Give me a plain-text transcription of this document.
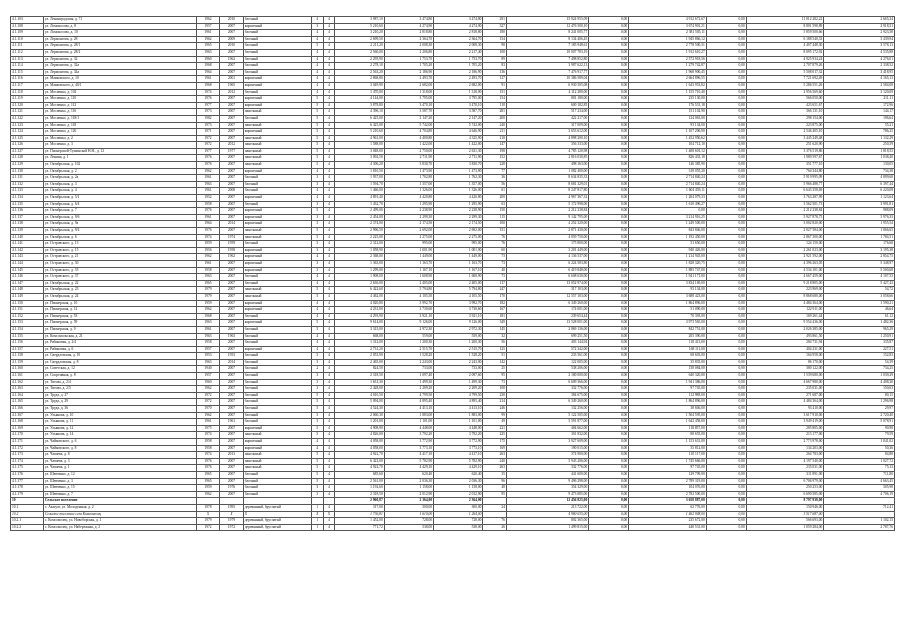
4.1.103	ул. Ленинградская, д. 71	1962	2010	блочный	4	4	3 987,10	3 474,80	3 474,80	291	15 924 955,09	0,00	4 912 672,67	0,00	11 012 282,22	2 665,34
4.1.108	ул. Ломоносова, д. 8	1957	2007	кирпичный	3	4	5 210,60	4 274,90	4 274,90	327	12 476 500,10	0,00	3 674 901,21	0,00	8 801 598,89	2 918,51
4.1.109	ул. Ломоносова, д. 10	1961	2007	блочный	4	4	3 210,20	2 818,80	2 818,80	180	8 241 005,77	0,00	2 381 505,11	0,00	5 859 500,66	2 923,58
4.1.110	ул. Лермонтова, д. 28	1962	2009	блочный	4	4	2 699,50	2 364,70	2 364,70	154	8 134 406,45	0,00	1 945 866,12	0,00	6 188 540,33	3 439,94
4.1.111	ул. Лермонтова, д. 28/1	1965	2010	блочный	5	4	2 211,20	2 008,30	2 008,30	98	7 185 948,61	0,00	2 778 500,31	0,00	4 407 448,30	3 578,13
4.1.112	ул. Лермонтова, д. 28/2	1963	2007	блочный	4	4	2 560,00	2 206,80	2 217,40	108	10 007 783,19	0,00	1 912 610,27	0,00	8 095 172,92	4 535,88
4.1.113	ул. Лермонтова, д. 32	1960	1962	блочный	4	4	2 295,90	1 753,70	1 753,70	89	7 498 852,80	0,00	2 572 918,56	0,00	4 925 934,24	4 276,01
4.1.114	ул. Лермонтова, д. 32а	1968	2007	блочный	4	4	2 278,10	1 705,20	1 705,20	83	3 987 622,13	0,00	1 279 742,87	0,00	2 707 879,26	2 338,52
4.1.115	ул. Лермонтова, д. 34а	1964	2007	блочный	4	4	2 563,20	2 186,90	2 186,90	136	7 476 917,77	0,00	1 968 900,45	0,00	5 508 017,32	3 418,95
4.1.116	ул. Маяковского, д. 10	1961	2001	кирпичный	4	4	2 868,80	2 493,70	2 493,70	127	10 386 589,04	0,00	2 664 896,55	0,00	7 721 692,49	4 165,13
4.1.117	ул. Маяковского, д. 40/1	1968	1965	кирпичный	4	4	3 049,90	2 682,00	2 682,00	91	6 930 505,08	0,00	1 643 953,82	0,00	5 286 551,26	2 584,08
4.1.118	ул. Мосиенко, д. 102	1974	2012	блочный	4	4	1 470,00	1 318,00	1 318,00	151	4 112 280,00	0,00	1 155 710,40	0,00	2 956 569,60	3 120,09
4.1.119	ул. Мосиенко, д. 110	1976	2007	кирпичный	5	4	4 144,00	3 795,00	3 795,00	154	801 180,00	0,00	235 130,00	0,00	566 050,00	211,11
4.1.120	ул. Мосиенко, д. 112	1977	2007	кирпичный	5	4	3 878,80	3 470,10	3 470,10	110	600 182,85	0,00	176 531,18	0,00	423 651,67	172,96
4.1.121	ул. Мосиенко, д. 116	1973	2007	панельный	5	4	4 396,10	3 587,70	3 587,70	281	517 234,00	0,00	151 102,90	0,00	366 131,10	144,17
4.1.122	ул. Мосиенко, д. 118/1	1982	2007	блочный	5	4	6 425,00	2 147,20	2 147,20	200	422 217,00	0,00	124 063,00	0,00	298 154,00	196,64
4.1.123	ул. Мосиенко, д. 118	1973	2007	панельный	5	4	6 425,00	5 742,00	5 742,00	240	317 009,00	0,00	93 134,00	0,00	223 875,00	55,21
4.1.124	ул. Мосиенко, д. 126	1971	2007	кирпичный	5	4	5 210,60	4 704,80	4 646,90	211	3 653 612,00	0,00	1 107 206,90	0,00	2 546 405,10	786,25
4.1.125	ул. Мосиенко, д. 2	1972	2007	панельный	5	4	4 961,00	4 400,80	4 325,90	210	4 898 200,10	0,00	1 452 950,62	0,00	3 445 249,48	1 132,29
4.1.126	ул. Мосиенко, д. 3	1972	2012	панельный	5	4	1 588,00	1 422,00	1 422,00	147	356 333,00	0,00	104 712,10	0,00	251 620,90	250,59
4.1.127	ул. Пионерской-Тушинской Н.Н., д. 12	1977	1977	панельный	5	4	3 048,00	2 750,00	2 631,30	198	4 785 120,98	0,00	1 408 601,12	0,00	3 376 519,86	1 818,55
4.1.128	ул. Ленина, д. 1	1976	2007	панельный	5	4	3 092,50	2 711,90	2 711,90	152	2 816 030,85	0,00	826 433,18	0,00	1 989 597,67	1 038,40
4.1.129	ул. Октябрьская, д. 102	1976	2007	панельный	5	4	4 306,20	3 830,70	3 830,70	228	498 163,00	0,00	146 385,90	0,00	351 777,10	130,05
4.1.130	ул. Октябрьская, д. 2	1962	2007	кирпичный	4	4	1 810,50	1 473,90	1 473,90	77	1 082 400,00	0,00	318 055,20	0,00	764 344,80	734,38
4.1.131	ул. Октябрьская, д. 2а	1961	2007	блочный	3	4	1 937,00	1 702,80	1 762,30	36	8 634 835,33	0,00	2 714 840,24	0,00	5 919 995,09	4 899,68
4.1.132	ул. Октябрьская, д. 3	1963	2007	блочный	3	4	1 594,70	1 357,00	1 357,00	56	8 681 329,01	0,00	2 714 840,24	0,00	5 966 488,77	6 397,44
4.1.133	ул. Октябрьская, д. 4	1961	2008	блочный	4	4	1 466,00	1 326,00	1 326,00	61	8 247 817,80	0,00	1 604 459,11	0,00	6 643 358,69	6 220,08
4.1.134	ул. Октябрьская, д. 5/1	1952	2007	кирпичный	4	4	4 891,40	4 420,80	4 420,80	200	4 967 367,32	0,00	1 204 079,33	0,00	3 763 287,99	1 123,64
4.1.135	ул. Октябрьская, д. 6/4	1958	2007	блочный	3	4	1 432,70	1 295,90	1 295,90	63	5 172 998,00	0,00	1 610 496,27	0,00	3 562 501,73	3 991,81
4.1.136	ул. Октябрьская, д. 7	1976	2007	кирпичный	5	4	2 499,00	2 238,90	2 238,90	150	2 212 238,84	0,00	0,00	0,00	2 212 238,84	988,09
4.1.137	ул. Октябрьская, д. 9/6	1961	2007	кирпичный	3	4	2 454,00	2 299,30	2 299,30	115	9 142 795,00	0,00	3 214 916,25	0,00	5 927 878,75	3 976,33
4.1.138	ул. Октябрьская, д. 9а	1964	2014	кирпичный	3	4	2 374,00	2 174,50	2 174,50	100	4 252 320,00	0,00	1 249 500,00	0,00	3 002 820,00	1 955,54
4.1.139	ул. Октябрьская, д. 9/4	1976	2007	панельный	5	4	2 996,50	2 692,00	2 692,00	151	2 871 430,00	0,00	843 846,00	0,00	2 027 584,00	1 066,65
4.1.140	ул. Октябрьская, д. 6	1974	1974	панельный	5	4	2 225,00	2 275,00	2 275,00	76	4 059 750,00	0,00	1 192 450,00	0,00	2 867 300,00	1 784,51
4.1.141	ул. Островского, д. 13	1959	1959	блочный	3	4	2 312,00	995,00	995,00	76	175 800,00	0,00	51 650,00	0,00	124 150,00	176,68
4.1.142	ул. Островского, д. 15	1956	1958	кирпичный	3	4	1 058,90	1 001,90	1 001,90	60	3 201 449,00	0,00	940 426,00	0,00	2 261 023,00	3 195,38
4.1.143	ул. Островского, д. 21	1962	1962	кирпичный	4	4	2 368,00	1 449,00	1 449,00	73	4 136 537,00	0,00	1 214 945,00	0,00	2 921 592,00	2 854,75
4.1.144	ул. Островского, д. 30	1961	2007	кирпичный	3	4	1 363,00	1 163,70	1 163,70	73	6 224 583,80	0,00	1 828 320,75	0,00	4 396 263,05	5 348,97
4.1.145	ул. Островского, д. 35	1958	2007	кирпичный	3	4	1 299,00	1 167,10	1 167,10	40	6 419 848,00	0,00	1 885 747,00	0,00	4 534 101,00	5 500,68
4.1.146	ул. Островского, д. 37	1963	2007	блочный	4	4	1 908,00	1 608,90	1 608,90	73	6 608 630,00	0,00	1 941 171,00	0,00	4 667 459,00	4 107,53
4.1.147	ул. Октябрьская, д. 22	1965	2007	блочный	4	4	2 636,00	2 405,00	2 405,00	117	13 052 974,00	0,00	3 834 169,00	0,00	9 218 805,00	5 427,43
4.1.148	ул. Октябрьская, д. 23	1979	2007	панельный	5	4	6 422,60	5 794,80	5 794,80	247	317 103,00	0,00	93 134,00	0,00	223 969,00	54,72
4.1.149	ул. Октябрьская, д. 24	1979	2007	панельный	5	4	4 462,00	4 105,50	4 105,50	170	12 557 103,00	0,00	3 688 423,00	0,00	8 868 680,00	3 058,66
4.1.150	ул. Пионерская, д. 10	1959	2007	кирпичный	4	4	4 020,80	3 992,70	3 992,70	182	6 349 260,00	0,00	1 864 896,00	0,00	4 484 364,00	1 590,21
4.1.151	ул. Пионерская, д. 12	1962	2007	кирпичный	4	4	4 231,00	3 730,60	3 730,60	167	174 001,00	0,00	51 090,00	0,00	122 911,00	46,64
4.1.152	ул. Пионерская, д. 53	1968	2007	блочный	4	4	4 293,90	3 921,10	3 921,10	181	239 654,44	0,00	70 393,00	0,00	169 261,44	61,12
4.1.153	ул. Пионерская, д. 59	1963	2007	кирпичный	5	4	9 614,00	9 126,00	9 126,00	349	13 528 001,00	0,00	3 973 565,00	0,00	9 554 436,00	1 482,36
4.1.154	ул. Пионерская, д. 9	1961	2007	блочный	5	4	3 315,00	2 972,30	2 972,30	145	2 869 136,00	0,00	842 751,00	0,00	2 026 385,00	965,29
4.1.155	ул. Комсомольская, д. 21	1963	1963	блочный	4	4	668,00	559,00	559,00	32	699 251,50	0,00	205 390,00	0,00	493 861,50	1 250,91
4.1.156	ул. Рябиновая, д. 2/4	1958	2007	блочный	4	4	1 312,00	1 200,30	1 200,30	56	403 144,94	0,00	118 413,00	0,00	284 731,94	335,87
4.1.157	ул. Рябиновая, д. 6	1957	2007	кирпичный	4	4	2 731,20	2 515,70	2 515,70	125	572 342,00	0,00	168 111,00	0,00	404 231,00	227,51
4.1.158	ул. Свердловская, д. 10	1953	1953	блочный	3	4	2 053,90	1 528,20	1 528,20	51	233 561,00	0,00	68 603,00	0,00	164 958,00	152,83
4.1.159	ул. Свердловская, д. 8	1963	2014	блочный	3	4	2 465,00	2 243,00	2 243,00	142	122 005,00	0,00	35 835,00	0,00	86 170,00	54,39
4.1.160	ул. Советская, д. 12	1940	2007	блочный	2	4	824,50	733,00	733,00	25	538 206,00	0,00	158 084,00	0,00	380 122,00	734,25
4.1.161	ул. Спортивная, д. 8	1957	2007	блочный	3	4	2 318,50	1 097,40	2 097,60	95	2 180 000,00	0,00	640 320,00	0,00	1 539 680,00	1 039,29
4.1.162	ул. Титова, д. 2/4	1960	2007	блочный	3	4	1 631,30	1 499,30	1 499,30	73	6 609 366,00	0,00	1 941 386,00	0,00	4 667 980,00	4 408,30
4.1.163	ул. Титова, д. 2/5	1962	2007	блочный	3	4	2 428,00	2 209,20	2 209,20	108	332 776,00	0,00	97 745,00	0,00	235 031,00	150,63
4.1.164	ул. Труда, д. 27	1972	2007	блочный	5	4	4 010,50	4 799,50	4 799,50	230	384 675,00	0,00	112 988,00	0,00	271 687,00	80,15
4.1.165	ул. Труда, д. 29	1972	2007	блочный	5	4	5 094,00	4 895,40	4 895,40	214	6 349 260,00	0,00	1 864 896,00	0,00	4 484 364,00	1 296,98
4.1.166	ул. Труда, д. 36	1970	2007	блочный	5	4	4 524,30	4 413,10	4 413,10	246	132 256,00	0,00	38 846,00	0,00	93 410,00	29,97
4.1.167	ул. Ульянова, д. 10	1962	2007	блочный	3	4	2 060,30	1 883,00	1 883,00	99	5 122 505,00	0,00	1 504 595,00	0,00	3 617 910,00	2 720,40
4.1.168	ул. Ульянова, д. 11	1961	1961	блочный	3	4	1 201,00	1 101,00	1 101,00	49	5 591 877,00	0,00	1 642 458,00	0,00	3 949 419,00	5 078,91
4.1.169	ул. Ульянова, д. 12	1975	2007	кирпичный	5	4	4 908,90	4 448,00	4 448,00	221	404 662,00	0,00	118 857,00	0,00	285 805,00	90,98
4.1.170	ул. Ульянова, д. 14	1974	2007	панельный	5	4	4 826,00	3 792,20	3 792,20	225	301 832,00	0,00	88 655,00	0,00	213 177,00	79,59
4.1.171	ул. Чайковского, д. 6	1958	2007	кирпичный	4	4	4 058,00	3 772,90	3 772,90	175	3 927 609,00	0,00	1 153 631,00	0,00	2 773 978,00	1 041,02
4.1.172	ул. Чайковского, д. 8	1958	2007	кирпичный	4	4	4 058,00	3 773,10	3 773,10	169	190 015,00	0,00	55 812,00	0,00	134 203,00	50,36
4.1.173	ул. Чапаева, д. 8	1974	2013	панельный	5	4	4 922,70	4 417,10	4 417,10	263	374 900,00	0,00	110 117,00	0,00	264 783,00	84,88
4.1.174	ул. Чапаева, д. 3	1976	2007	панельный	5	4	6 422,00	5 782,90	5 782,90	240	5 943 206,00	0,00	1 745 666,00	0,00	4 197 540,00	1 027,72
4.1.175	ул. Чапаева, д. 1	1976	2007	панельный	5	4	4 922,70	4 429,10	4 429,10	263	332 776,00	0,00	97 745,00	0,00	235 031,00	75,13
4.1.176	ул. Шевченко, д. 12	1965	2007	блочный	5	4	685,60	620,40	620,40	35	441 600,00	0,00	129 709,00	0,00	311 891,00	711,80
4.1.177	ул. Шевченко, д. 3	1965	2007	блочный	5	4	2 561,00	2 036,30	2 036,30	96	9 496 298,00	0,00	2 789 319,00	0,00	6 706 979,00	4 663,45
4.1.178	ул. Шевченко, д. 15	1959	1976	блочный	3	4	1 192,60	1 158,00	1 158,00	48	354 329,00	0,00	104 076,00	0,00	250 253,00	305,98
4.1.179	ул. Шевченко, д. 7	1962	2007	блочный	3	4	2 318,50	2 012,90	2 012,90	95	9 473 085,00	0,00	2 782 500,00	0,00	6 690 585,00	4 706,19
10	Сельское поселение						2 960,87	2 364,00	2 364,00		12 456 825,00	0,00	3 658 887,00	0,00	8 797 938,00	
10.1	с. Акшуат, ул. Молодежная, д. 2	1978	1995	деревянный, брусчатый	1	4	317,00	300,00	300,00	24	213 722,00	0,00	62 776,00	0,00	150 946,00	712,41
10.2	Сельское поселение села Комсомолец	X	X	X	X	X	1 736,81	1 610,00	1 264,00		4 980 635,00	0,00	1 462 948,00	0,00	3 517 687,00	
10.2.1	с. Комсомолец, ул. Новоборская, д. 1	1979	1979	деревянный, брусчатый	1	4	1 452,00	728,00	728,00	76	802 365,00	0,00	235 672,00	0,00	566 693,00	1 102,15
10.2.2	с. Комсомолец, ул. Набережная, д. 2	1972	1972	деревянный, брусчатый	1	4	771,72	538,00	538,00	26	1 499 815,00	0,00	440 531,00	0,00	1 059 284,00	2 787,76
